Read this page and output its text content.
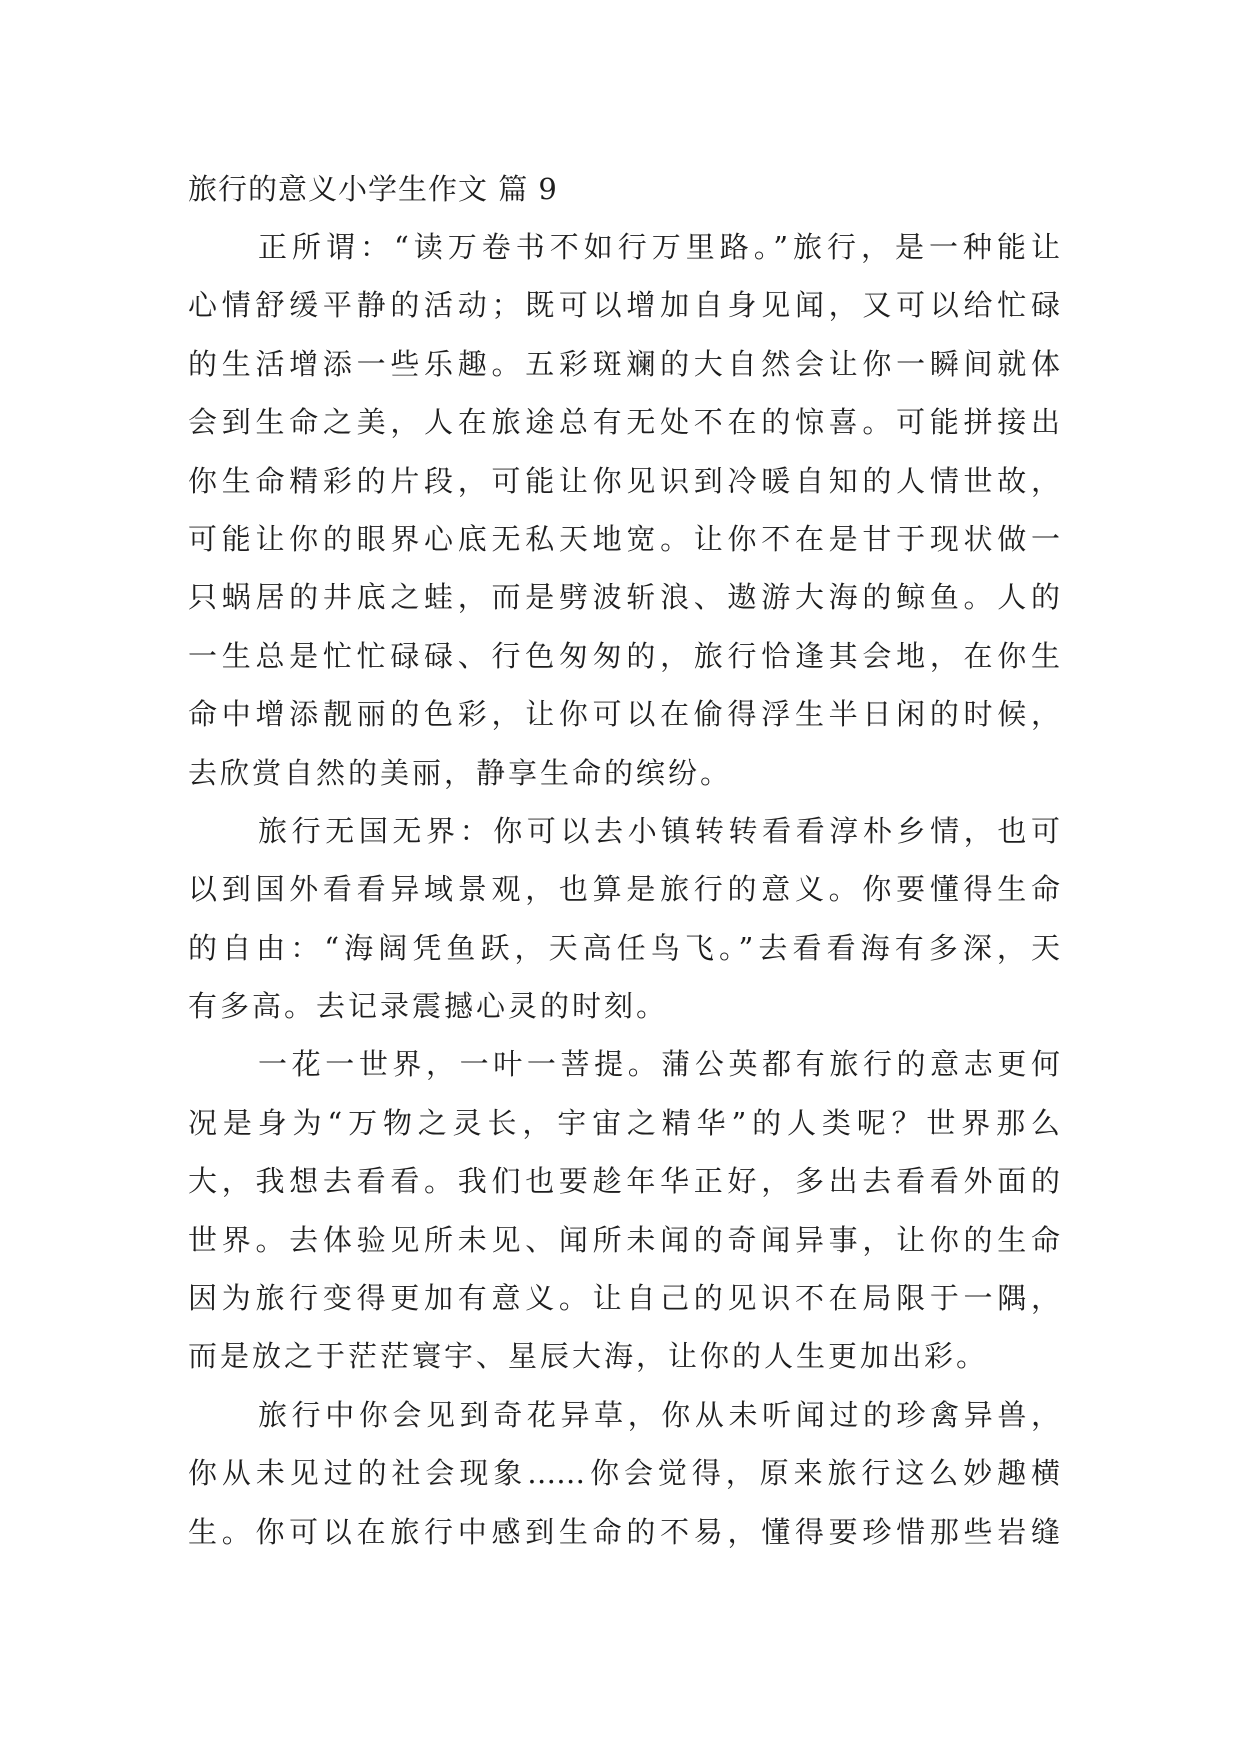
旅行的意义小学生作文 篇 9
正所谓：“读万卷书不如行万里路。”旅行，是一种能让
心情舒缓平静的活动；既可以增加自身见闻，又可以给忙碌
的生活增添一些乐趣。五彩斑斓的大自然会让你一瞬间就体
会到生命之美，人在旅途总有无处不在的惊喜。可能拼接出
你生命精彩的片段，可能让你见识到冷暖自知的人情世故，
可能让你的眼界心底无私天地宽。让你不在是甘于现状做一
只蜗居的井底之蛙，而是劈波斩浪、遨游大海的鲸鱼。人的
一生总是忙忙碌碌、行色匆匆的，旅行恰逢其会地，在你生
命中增添靓丽的色彩，让你可以在偷得浮生半日闲的时候，
去欣赏自然的美丽，静享生命的缤纷。
旅行无国无界：你可以去小镇转转看看淳朴乡情，也可
以到国外看看异域景观，也算是旅行的意义。你要懂得生命
的自由：“海阔凭鱼跃，天高任鸟飞。”去看看海有多深，天
有多高。去记录震撼心灵的时刻。
一花一世界，一叶一菩提。蒲公英都有旅行的意志更何
况是身为“万物之灵长，宇宙之精华”的人类呢？世界那么
大，我想去看看。我们也要趁年华正好，多出去看看外面的
世界。去体验见所未见、闻所未闻的奇闻异事，让你的生命
因为旅行变得更加有意义。让自己的见识不在局限于一隅，
而是放之于茫茫寰宇、星辰大海，让你的人生更加出彩。
旅行中你会见到奇花异草，你从未听闻过的珍禽异兽，
你从未见过的社会现象……你会觉得，原来旅行这么妙趣横
生。你可以在旅行中感到生命的不易，懂得要珍惜那些岩缝
